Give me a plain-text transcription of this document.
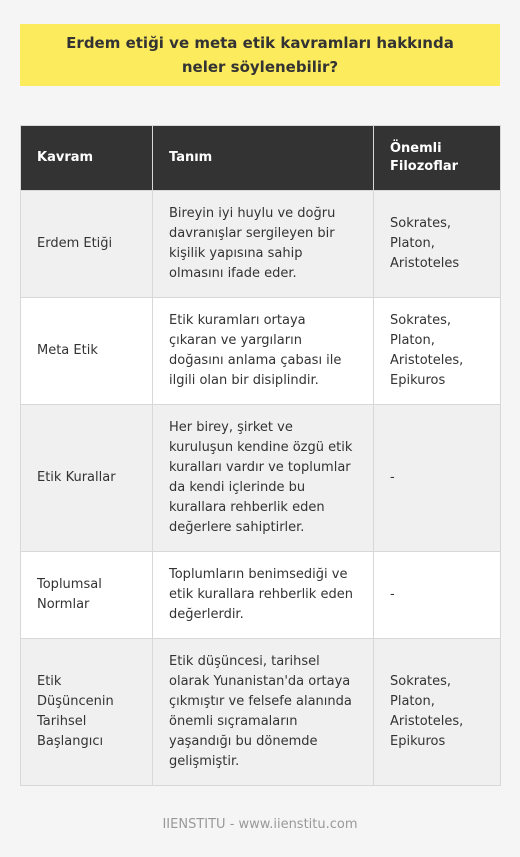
Erdem etiği ve meta etik kavramları hakkında neler söylenebilir?
Kavram	Tanım	Önemli Filozoflar
Erdem Etiği	Bireyin iyi huylu ve doğru davranışlar sergileyen bir kişilik yapısına sahip olmasını ifade eder.	Sokrates, Platon, Aristoteles
Meta Etik	Etik kuramları ortaya çıkaran ve yargıların doğasını anlama çabası ile ilgili olan bir disiplindir.	Sokrates, Platon, Aristoteles, Epikuros
Etik Kurallar	Her birey, şirket ve kuruluşun kendine özgü etik kuralları vardır ve toplumlar da kendi içlerinde bu kurallara rehberlik eden değerlere sahiptirler.	-
Toplumsal Normlar	Toplumların benimsediği ve etik kurallara rehberlik eden değerlerdir.	-
Etik Düşüncenin Tarihsel Başlangıcı	Etik düşüncesi, tarihsel olarak Yunanistan'da ortaya çıkmıştır ve felsefe alanında önemli sıçramaların yaşandığı bu dönemde gelişmiştir.	Sokrates, Platon, Aristoteles, Epikuros
IIENSTITU - www.iienstitu.com
